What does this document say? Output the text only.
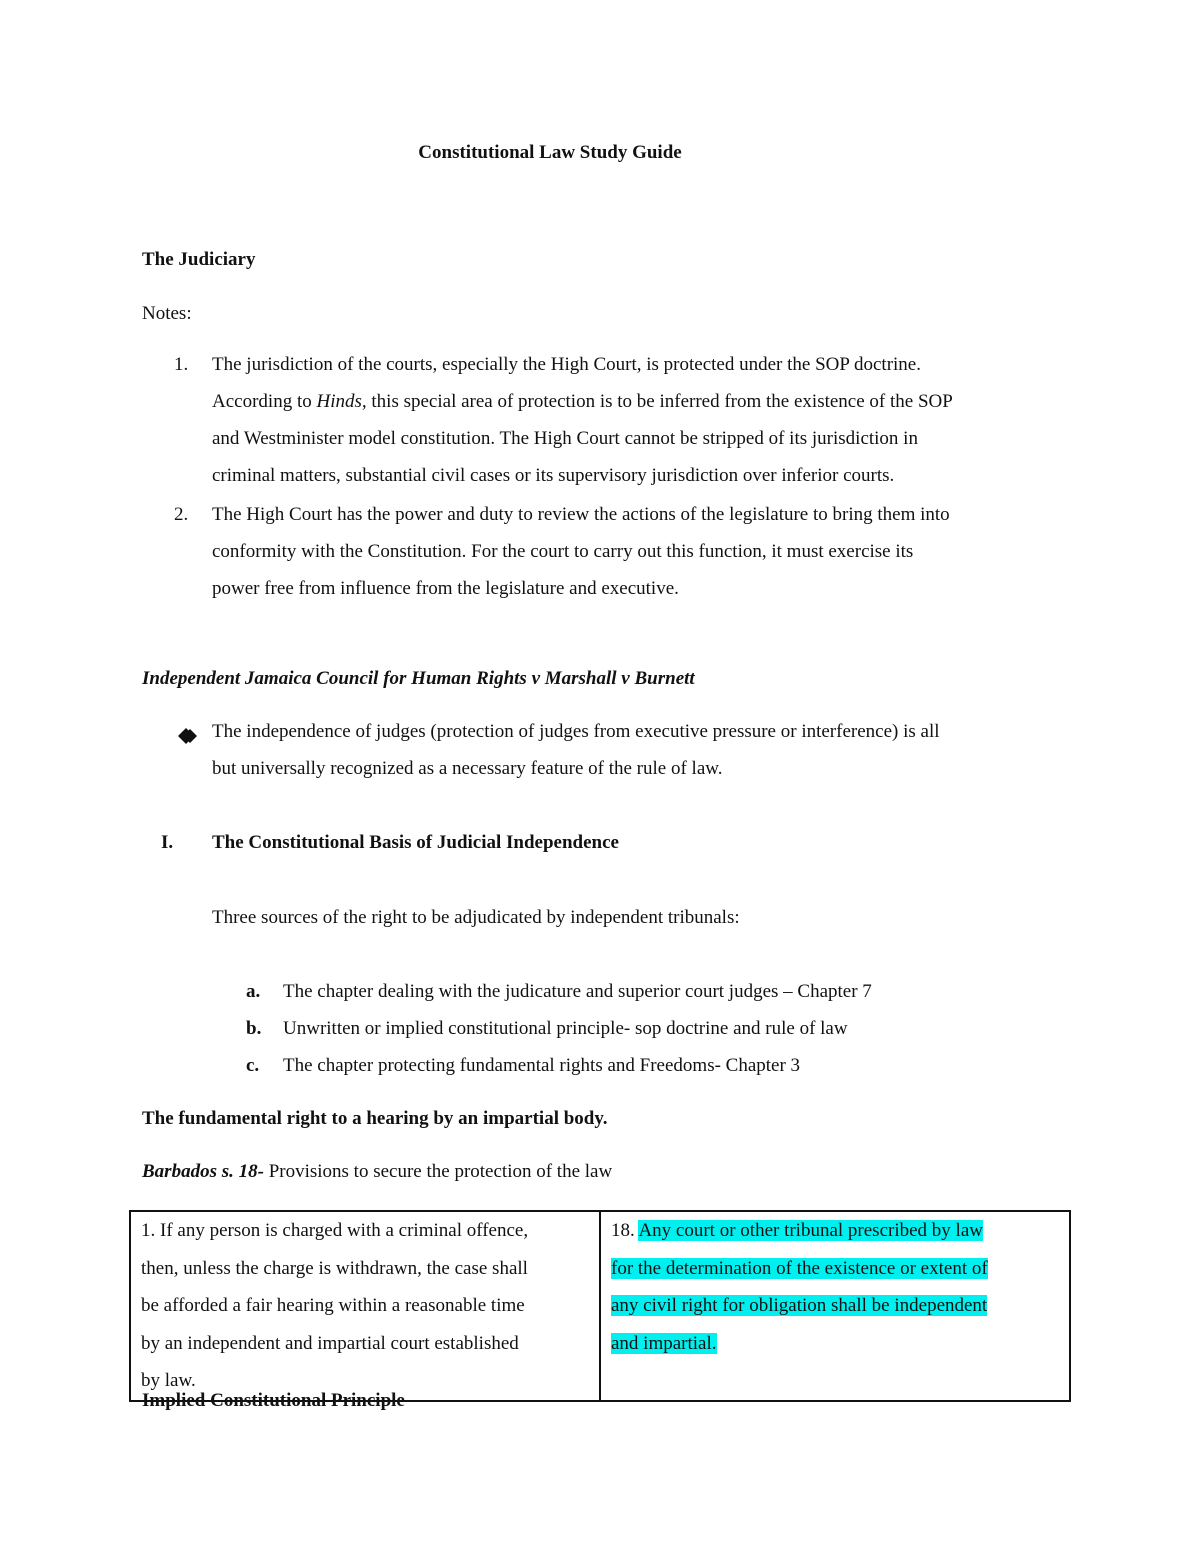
Constitutional Law Study Guide
The Judiciary
Notes:
1. The jurisdiction of the courts, especially the High Court, is protected under the SOP doctrine.
According to Hinds, this special area of protection is to be inferred from the existence of the SOP
and Westminister model constitution. The High Court cannot be stripped of its jurisdiction in
criminal matters, substantial civil cases or its supervisory jurisdiction over inferior courts.
2. The High Court has the power and duty to review the actions of the legislature to bring them into
conformity with the Constitution. For the court to carry out this function, it must exercise its
power free from influence from the legislature and executive.
Independent Jamaica Council for Human Rights v Marshall v Burnett
The independence of judges (protection of judges from executive pressure or interference) is all
but universally recognized as a necessary feature of the rule of law.
I. The Constitutional Basis of Judicial Independence
Three sources of the right to be adjudicated by independent tribunals:
a. The chapter dealing with the judicature and superior court judges – Chapter 7
b. Unwritten or implied constitutional principle- sop doctrine and rule of law
c. The chapter protecting fundamental rights and Freedoms- Chapter 3
The fundamental right to a hearing by an impartial body.
Barbados s. 18- Provisions to secure the protection of the law
1. If any person is charged with a criminal offence,
then, unless the charge is withdrawn, the case shall
be afforded a fair hearing within a reasonable time
by an independent and impartial court established
by law.

18. Any court or other tribunal prescribed by law
for the determination of the existence or extent of
any civil right for obligation shall be independent
and impartial.
Implied Constitutional Principle
